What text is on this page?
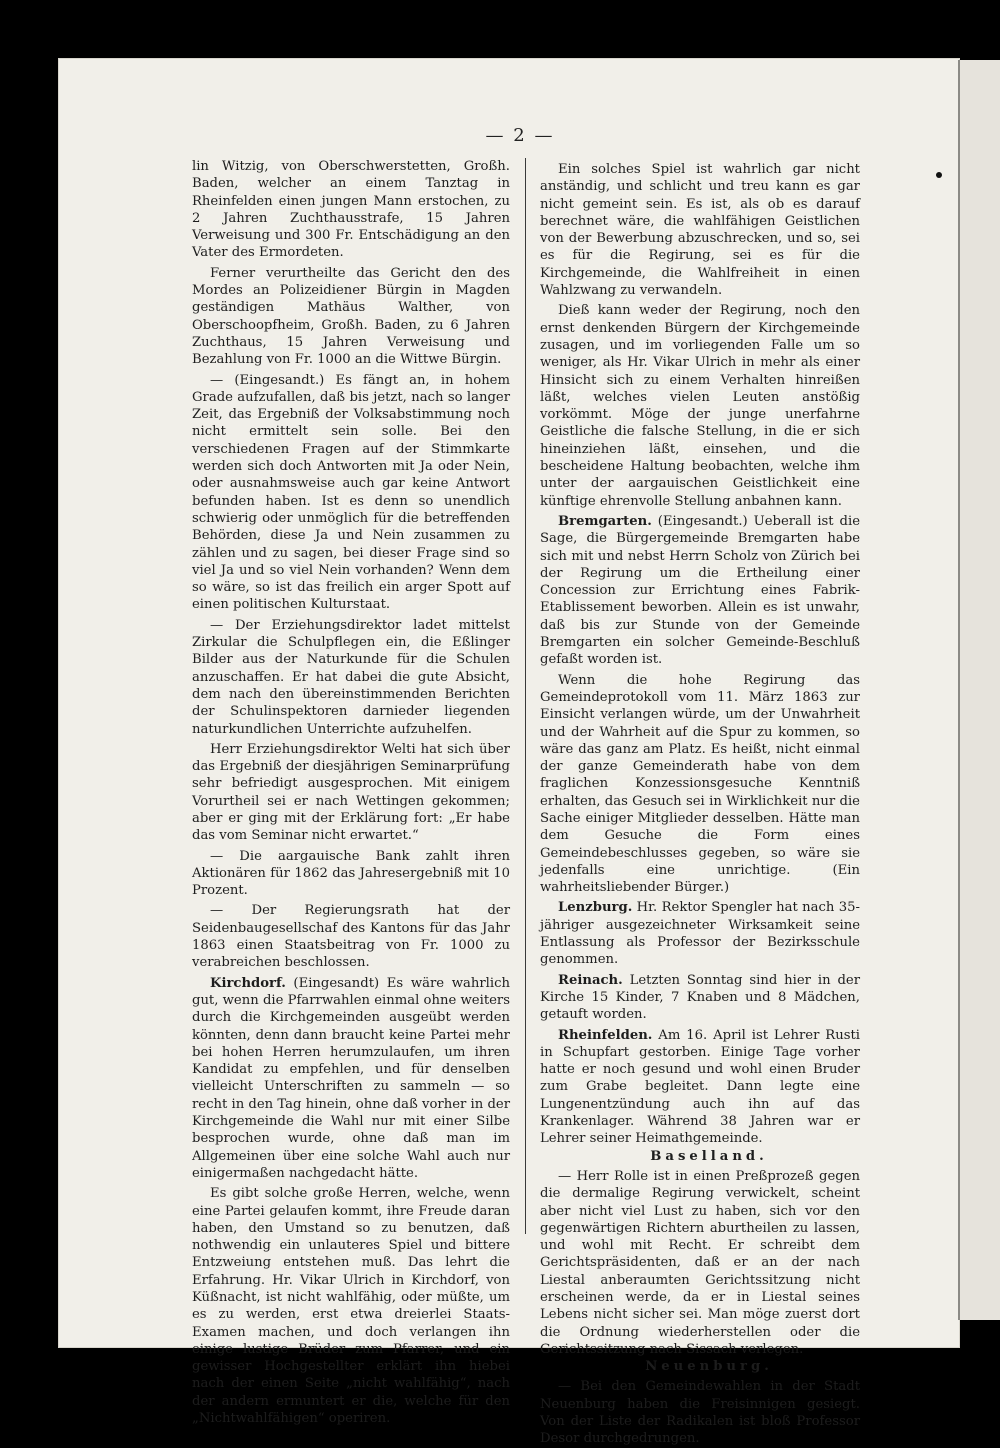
— 2 —

lin Witzig, von Oberschwerstetten, Großh. Baden, welcher an einem Tanztag in Rheinfelden einen jungen Mann erstochen, zu 2 Jahren Zuchthausstrafe, 15 Jahren Verweisung und 300 Fr. Entschädigung an den Vater des Ermordeten.

Ferner verurtheilte das Gericht den des Mordes an Polizeidiener Bürgin in Magden geständigen Mathäus Walther, von Oberschoopfheim, Großh. Baden, zu 6 Jahren Zuchthaus, 15 Jahren Verweisung und Bezahlung von Fr. 1000 an die Wittwe Bürgin.

— (Eingesandt.) Es fängt an, in hohem Grade aufzufallen, daß bis jetzt, nach so langer Zeit, das Ergebniß der Volksabstimmung noch nicht ermittelt sein solle. Bei den verschiedenen Fragen auf der Stimmkarte werden sich doch Antworten mit Ja oder Nein, oder ausnahmsweise auch gar keine Antwort befunden haben. Ist es denn so unendlich schwierig oder unmöglich für die betreffenden Behörden, diese Ja und Nein zusammen zu zählen und zu sagen, bei dieser Frage sind so viel Ja und so viel Nein vorhanden? Wenn dem so wäre, so ist das freilich ein arger Spott auf einen politischen Kulturstaat.

— Der Erziehungsdirektor ladet mittelst Zirkular die Schulpflegen ein, die Eßlinger Bilder aus der Naturkunde für die Schulen anzuschaffen. Er hat dabei die gute Absicht, dem nach den übereinstimmenden Berichten der Schulinspektoren darnieder liegenden naturkundlichen Unterrichte aufzuhelfen.

Herr Erziehungsdirektor Welti hat sich über das Ergebniß der diesjährigen Seminarprüfung sehr befriedigt ausgesprochen. Mit einigem Vorurtheil sei er nach Wettingen gekommen; aber er ging mit der Erklärung fort: „Er habe das vom Seminar nicht erwartet.“

— Die aargauische Bank zahlt ihren Aktionären für 1862 das Jahresergebniß mit 10 Prozent.

— Der Regierungsrath hat der Seidenbaugesellschaf des Kantons für das Jahr 1863 einen Staatsbeitrag von Fr. 1000 zu verabreichen beschlossen.

Kirchdorf. (Eingesandt) Es wäre wahrlich gut, wenn die Pfarrwahlen einmal ohne weiters durch die Kirchgemeinden ausgeübt werden könnten, denn dann braucht keine Partei mehr bei hohen Herren herumzulaufen, um ihren Kandidat zu empfehlen, und für denselben vielleicht Unterschriften zu sammeln — so recht in den Tag hinein, ohne daß vorher in der Kirchgemeinde die Wahl nur mit einer Silbe besprochen wurde, ohne daß man im Allgemeinen über eine solche Wahl auch nur einigermaßen nachgedacht hätte.

Es gibt solche große Herren, welche, wenn eine Partei gelaufen kommt, ihre Freude daran haben, den Umstand so zu benutzen, daß nothwendig ein unlauteres Spiel und bittere Entzweiung entstehen muß. Das lehrt die Erfahrung. Hr. Vikar Ulrich in Kirchdorf, von Küßnacht, ist nicht wahlfähig, oder müßte, um es zu werden, erst etwa dreierlei Staats-Examen machen, und doch verlangen ihn einige lustige Brüder zum Pfarrer, und ein gewisser Hochgestellter erklärt ihn hiebei nach der einen Seite „nicht wahlfähig“, nach der andern ermuntert er die, welche für den „Nichtwahlfähigen“ operiren.

Ein solches Spiel ist wahrlich gar nicht anständig, und schlicht und treu kann es gar nicht gemeint sein. Es ist, als ob es darauf berechnet wäre, die wahlfähigen Geistlichen von der Bewerbung abzuschrecken, und so, sei es für die Regirung, sei es für die Kirchgemeinde, die Wahlfreiheit in einen Wahlzwang zu verwandeln.

Dieß kann weder der Regirung, noch den ernst denkenden Bürgern der Kirchgemeinde zusagen, und im vorliegenden Falle um so weniger, als Hr. Vikar Ulrich in mehr als einer Hinsicht sich zu einem Verhalten hinreißen läßt, welches vielen Leuten anstößig vorkömmt. Möge der junge unerfahrne Geistliche die falsche Stellung, in die er sich hineinziehen läßt, einsehen, und die bescheidene Haltung beobachten, welche ihm unter der aargauischen Geistlichkeit eine künftige ehrenvolle Stellung anbahnen kann.

Bremgarten. (Eingesandt.) Ueberall ist die Sage, die Bürgergemeinde Bremgarten habe sich mit und nebst Herrn Scholz von Zürich bei der Regirung um die Ertheilung einer Concession zur Errichtung eines Fabrik-Etablissement beworben. Allein es ist unwahr, daß bis zur Stunde von der Gemeinde Bremgarten ein solcher Gemeinde-Beschluß gefaßt worden ist.

Wenn die hohe Regirung das Gemeindeprotokoll vom 11. März 1863 zur Einsicht verlangen würde, um der Unwahrheit und der Wahrheit auf die Spur zu kommen, so wäre das ganz am Platz. Es heißt, nicht einmal der ganze Gemeinderath habe von dem fraglichen Konzessionsgesuche Kenntniß erhalten, das Gesuch sei in Wirklichkeit nur die Sache einiger Mitglieder desselben. Hätte man dem Gesuche die Form eines Gemeindebeschlusses gegeben, so wäre sie jedenfalls eine unrichtige. (Ein wahrheitsliebender Bürger.)

Lenzburg. Hr. Rektor Spengler hat nach 35-jähriger ausgezeichneter Wirksamkeit seine Entlassung als Professor der Bezirksschule genommen.

Reinach. Letzten Sonntag sind hier in der Kirche 15 Kinder, 7 Knaben und 8 Mädchen, getauft worden.

Rheinfelden. Am 16. April ist Lehrer Rusti in Schupfart gestorben. Einige Tage vorher hatte er noch gesund und wohl einen Bruder zum Grabe begleitet. Dann legte eine Lungenentzündung auch ihn auf das Krankenlager. Während 38 Jahren war er Lehrer seiner Heimathgemeinde.

Baselland.

— Herr Rolle ist in einen Preßprozeß gegen die dermalige Regirung verwickelt, scheint aber nicht viel Lust zu haben, sich vor den gegenwärtigen Richtern aburtheilen zu lassen, und wohl mit Recht. Er schreibt dem Gerichtspräsidenten, daß er an der nach Liestal anberaumten Gerichtssitzung nicht erscheinen werde, da er in Liestal seines Lebens nicht sicher sei. Man möge zuerst dort die Ordnung wiederherstellen oder die Gerichtssitzung nach Sissach verlegen.

Neuenburg.

— Bei den Gemeindewahlen in der Stadt Neuenburg haben die Freisinnigen gesiegt. Von der Liste der Radikalen ist bloß Professor Desor durchgedrungen.
